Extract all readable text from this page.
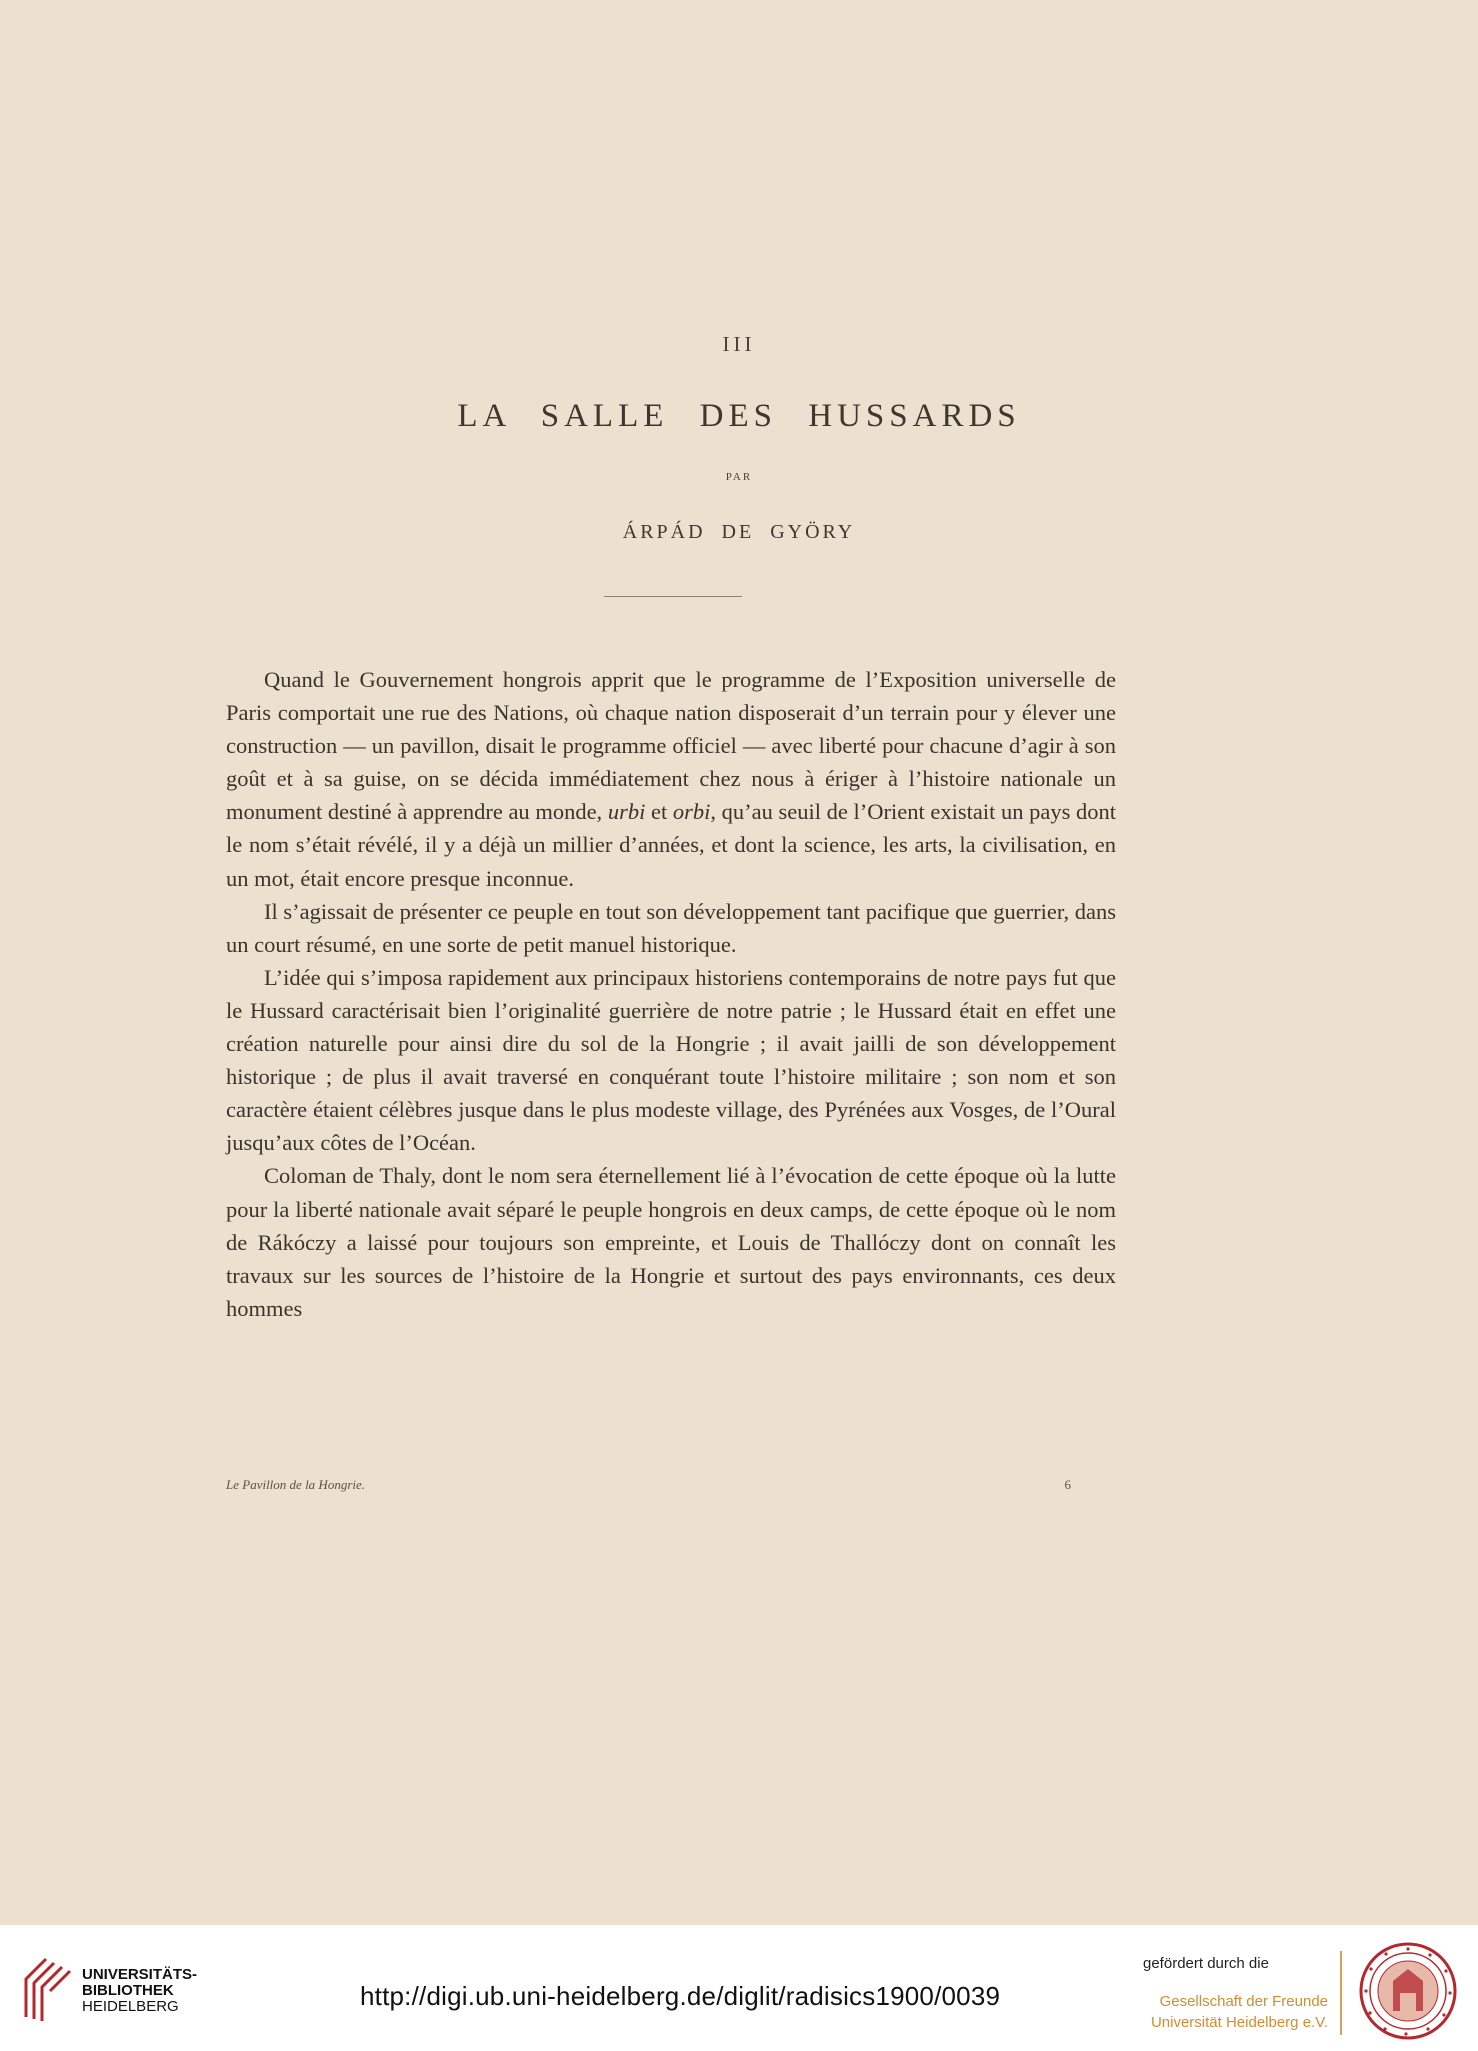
III
LA SALLE DES HUSSARDS
PAR
ÁRPÁD DE GYÖRY

Quand le Gouvernement hongrois apprit que le programme de l’Exposition universelle de Paris comportait une rue des Nations, où chaque nation disposerait d’un terrain pour y élever une construction — un pavillon, disait le programme officiel — avec liberté pour chacune d’agir à son goût et à sa guise, on se décida immédiatement chez nous à ériger à l’histoire nationale un monument destiné à apprendre au monde, urbi et orbi, qu’au seuil de l’Orient existait un pays dont le nom s’était révélé, il y a déjà un millier d’années, et dont la science, les arts, la civilisation, en un mot, était encore presque inconnue.

Il s’agissait de présenter ce peuple en tout son développement tant pacifique que guerrier, dans un court résumé, en une sorte de petit manuel historique.

L’idée qui s’imposa rapidement aux principaux historiens contemporains de notre pays fut que le Hussard caractérisait bien l’originalité guerrière de notre patrie ; le Hussard était en effet une création naturelle pour ainsi dire du sol de la Hongrie ; il avait jailli de son développement historique ; de plus il avait traversé en conquérant toute l’histoire militaire ; son nom et son caractère étaient célèbres jusque dans le plus modeste village, des Pyrénées aux Vosges, de l’Oural jusqu’aux côtes de l’Océan.

Coloman de Thaly, dont le nom sera éternellement lié à l’évocation de cette époque où la lutte pour la liberté nationale avait séparé le peuple hongrois en deux camps, de cette époque où le nom de Rákóczy a laissé pour toujours son empreinte, et Louis de Thallóczy dont on connaît les travaux sur les sources de l’histoire de la Hongrie et surtout des pays environnants, ces deux hommes

Le Pavillon de la Hongrie.	6
UNIVERSITÄTS-
BIBLIOTHEK
HEIDELBERG	http://digi.ub.uni-heidelberg.de/diglit/radisics1900/0039
gefördert durch die
Gesellschaft der Freunde
Universität Heidelberg e.V.
